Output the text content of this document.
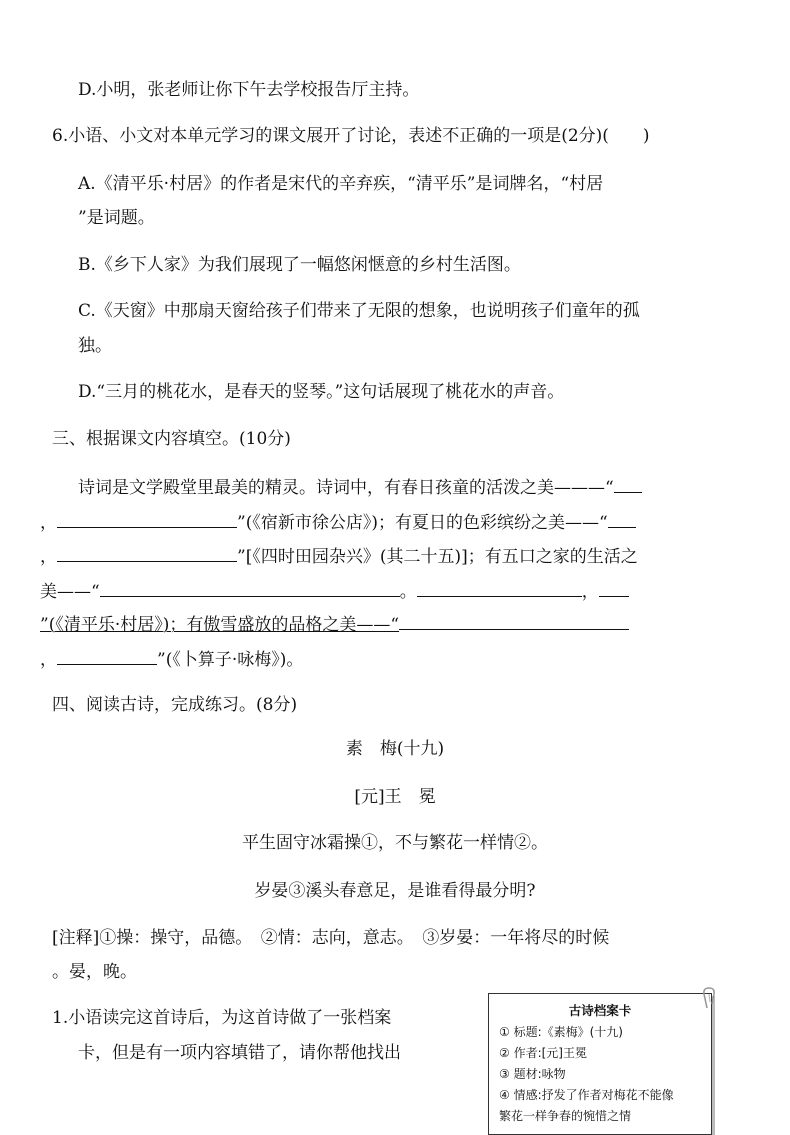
D.小明，张老师让你下午去学校报告厅主持。
6.小语、小文对本单元学习的课文展开了讨论，表述不正确的一项是(2分)(　　)
A.《清平乐·村居》的作者是宋代的辛弃疾，“清平乐”是词牌名，“村居
”是词题。
B.《乡下人家》为我们展现了一幅悠闲惬意的乡村生活图。
C.《天窗》中那扇天窗给孩子们带来了无限的想象，也说明孩子们童年的孤
独。
D.“三月的桃花水，是春天的竖琴。”这句话展现了桃花水的声音。
三、根据课文内容填空。(10分)
诗词是文学殿堂里最美的精灵。诗词中，有春日孩童的活泼之美———“
，	”(《宿新市徐公店》)；有夏日的色彩缤纷之美——“
，	”[《四时田园杂兴》(其二十五)]；有五口之家的生活之
美——“	。	，
”(《清平乐·村居》)；有傲雪盛放的品格之美——“
，	”(《卜算子·咏梅》)。
四、阅读古诗，完成练习。(8分)
素　梅(十九)
[元]王　冕
平生固守冰霜操①，不与繁花一样情②。
岁晏③溪头春意足，是谁看得最分明?
[注释]①操：操守，品德。　②情：志向，意志。　③岁晏：一年将尽的时候
。晏，晚。
1.小语读完这首诗后，为这首诗做了一张档案
卡，但是有一项内容填错了，请你帮他找出
古诗档案卡
① 标题:《素梅》(十九)
② 作者:[元]王冕
③ 题材:咏物
④ 情感:抒发了作者对梅花不能像
繁花一样争春的惋惜之情
